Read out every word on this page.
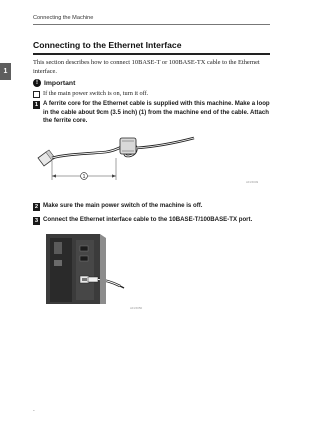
Connecting the Machine
1
Connecting to the Ethernet Interface
This section describes how to connect 10BASE-T or 100BASE-TX cable to the Ethernet interface.
! Important
If the main power switch is on, turn it off.
1 A ferrite core for the Ethernet cable is supplied with this machine. Make a loop in the cable about 9cm (3.5 inch) (1) from the machine end of the cable. Attach the ferrite core.
1
AFL5049
2 Make sure the main power switch of the machine is off.
3 Connect the Ethernet interface cable to the 10BASE-T/100BASE-TX port.
AFL5050
-
